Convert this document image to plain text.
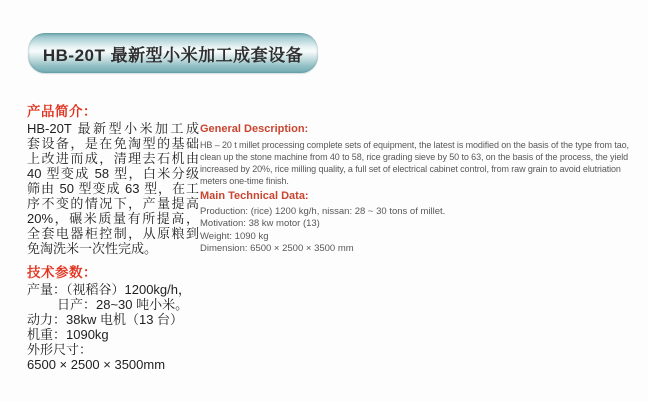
HB-20T 最新型小米加工成套设备
产品简介：
HB-20T 最新型小米加工成
套设备，是在免淘型的基础
上改进而成，清理去石机由
40 型变成 58 型，白米分级
筛由 50 型变成 63 型，在工
序不变的情况下，产量提高
20%，碾米质量有所提高，
全套电器柜控制，从原粮到
免淘洗米一次性完成。
技术参数：
产量：（视稻谷）1200kg/h，
日产：28~30 吨小米。
动力：38kw 电机（13 台）
机重：1090kg
外形尺寸：
6500 × 2500 × 3500mm
General Description:
HB – 20 t millet processing complete sets of equipment, the latest is modified on the basis of the type from tao,
clean up the stone machine from 40 to 58, rice grading sieve by 50 to 63, on the basis of the process, the yield
increased by 20%, rice milling quality, a full set of electrical cabinet control, from raw grain to avoid elutriation
meters one-time finish.
Main Technical Data:
Production: (rice) 1200 kg/h, nissan: 28 ~ 30 tons of millet.
Motivation: 38 kw motor (13)
Weight: 1090 kg
Dimension: 6500 × 2500 × 3500 mm
